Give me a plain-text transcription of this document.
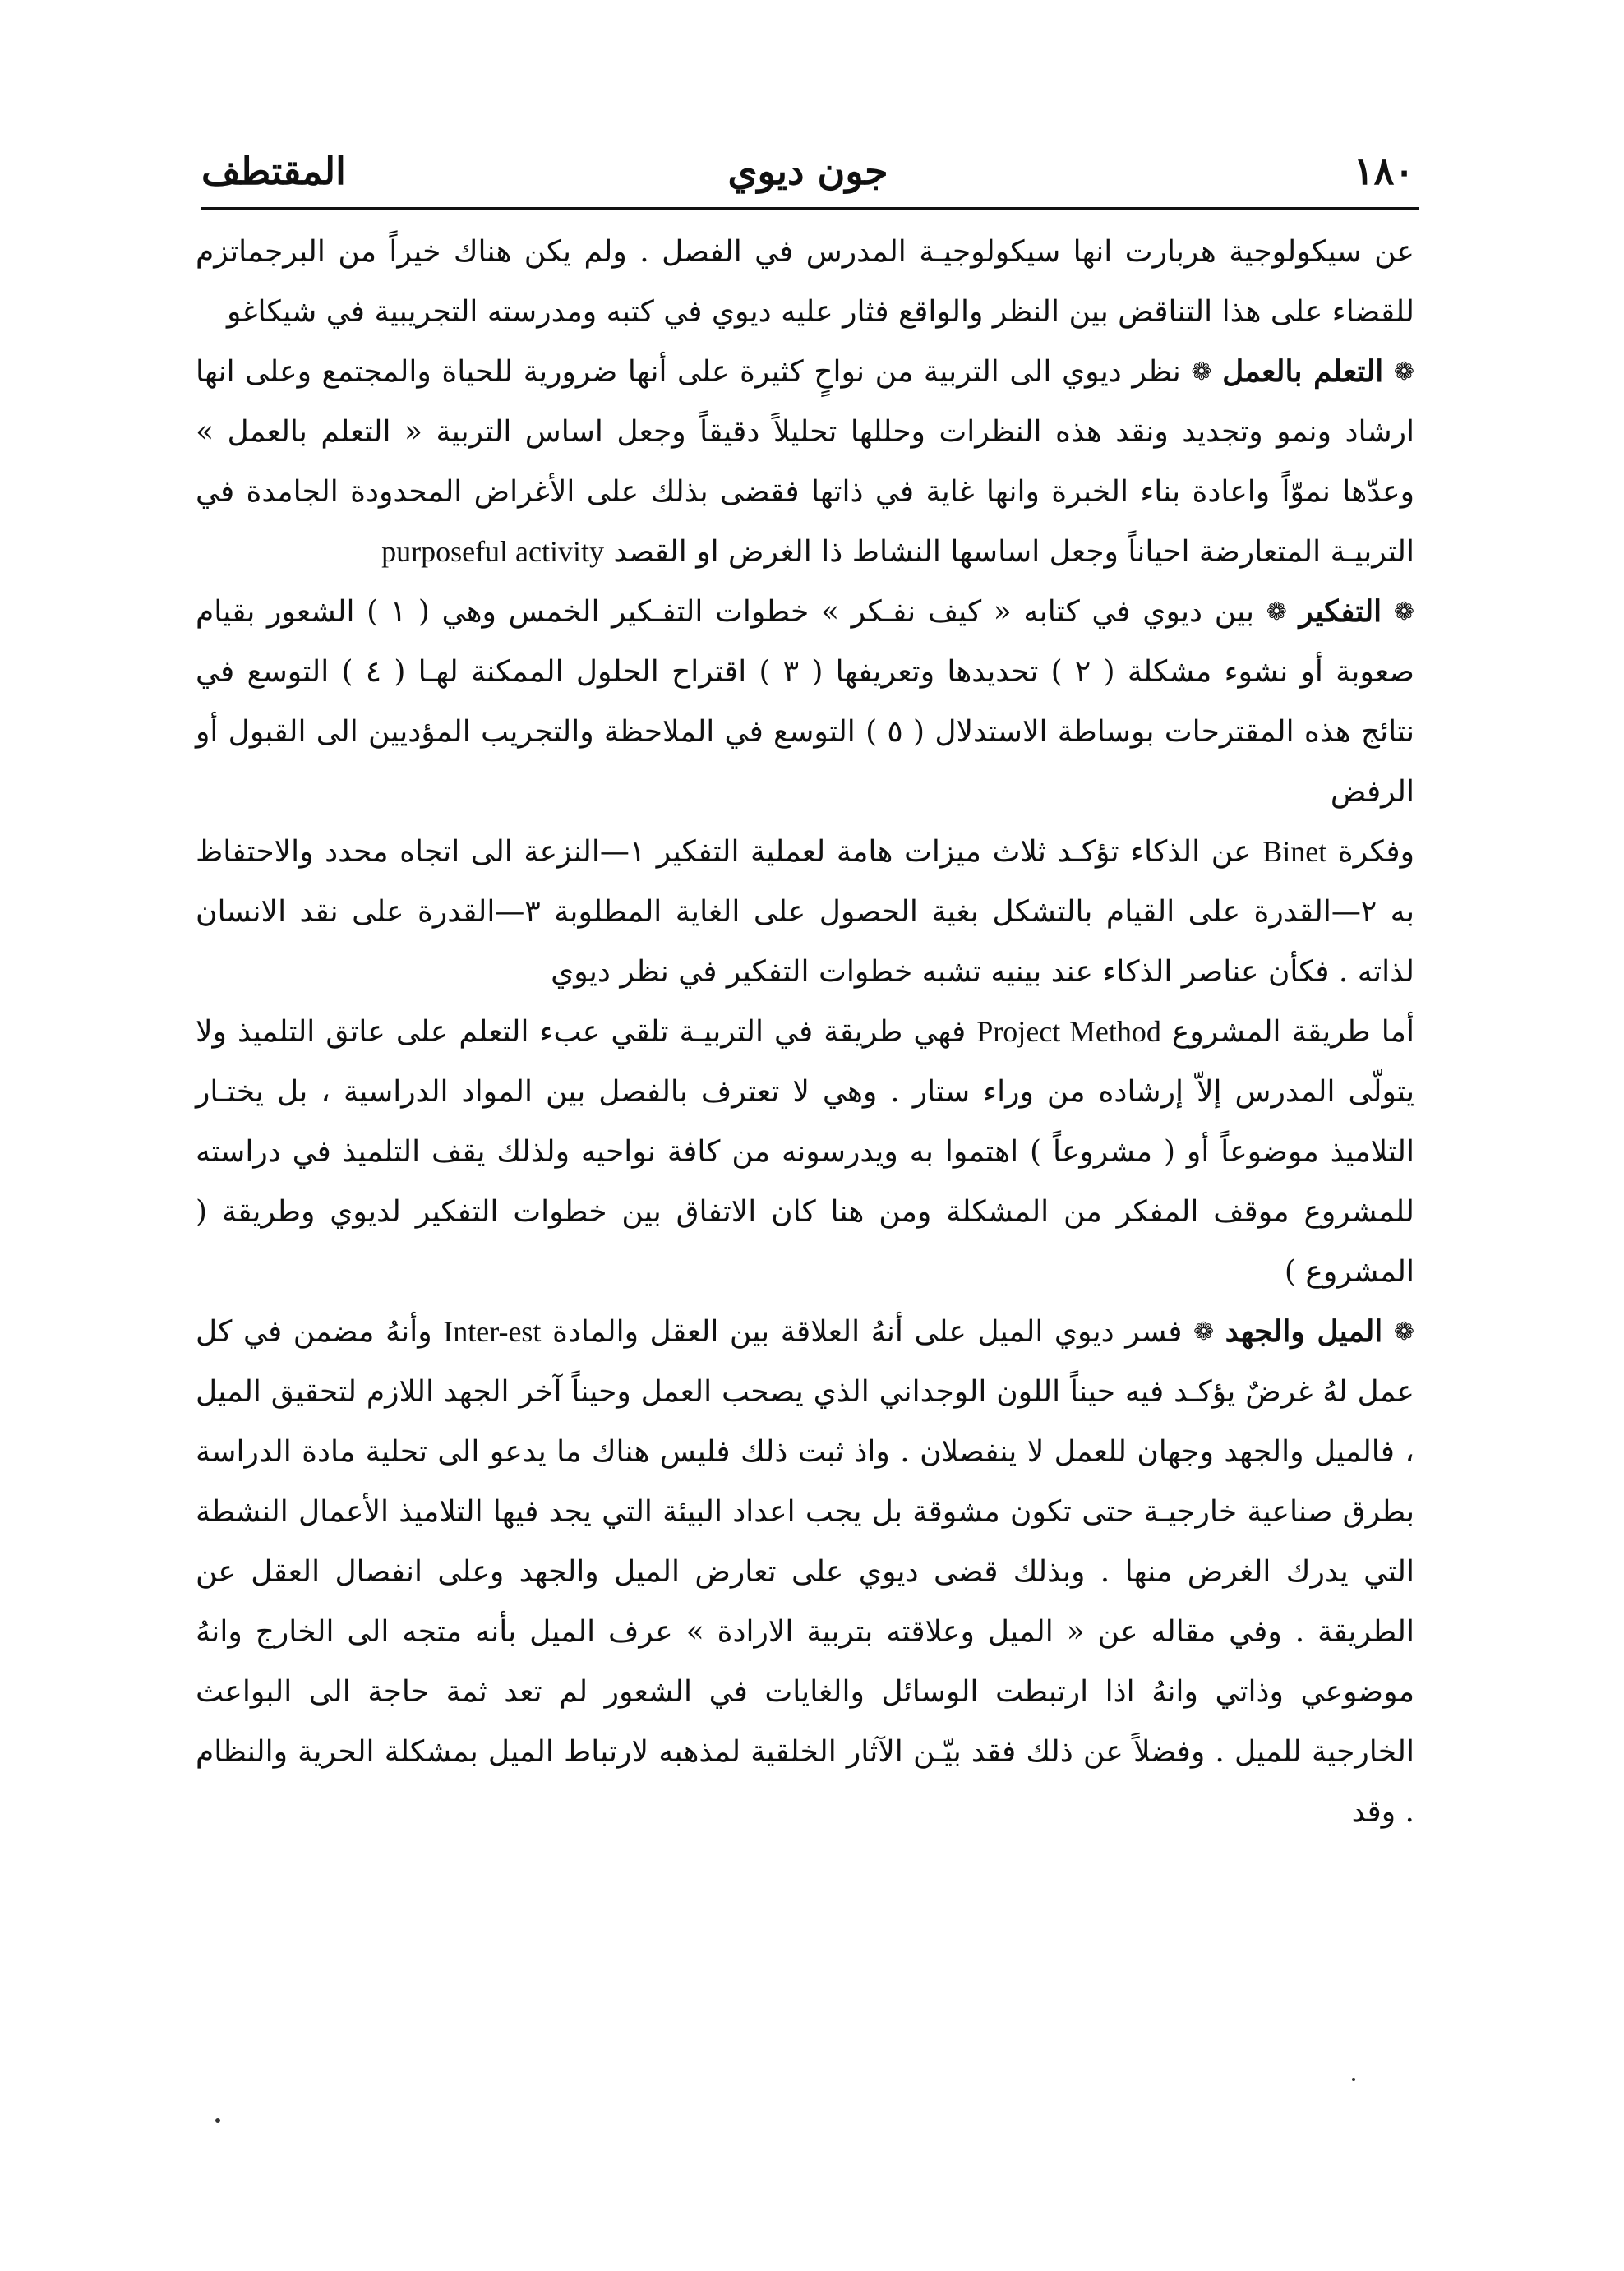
١٨٠
جون ديوي
المقتطف

عن سيكولوجية هربارت انها سيكولوجيـة المدرس في الفصل . ولم يكن هناك خيراً من البرجماتزم للقضاء على هذا التناقض بين النظر والواقع فثار عليه ديوي في كتبه ومدرسته التجريبية في شيكاغو

❁ التعلم بالعمل ❁ نظر ديوي الى التربية من نواحٍ كثيرة على أنها ضرورية للحياة والمجتمع وعلى انها ارشاد ونمو وتجديد ونقد هذه النظرات وحللها تحليلاً دقيقاً وجعل اساس التربية « التعلم بالعمل » وعدّها نموّاً واعادة بناء الخبرة وانها غاية في ذاتها فقضى بذلك على الأغراض المحدودة الجامدة في التربيـة المتعارضة احياناً وجعل اساسها النشاط ذا الغرض او القصد purposeful activity

❁ التفكير ❁ بين ديوي في كتابه « كيف نفـكر » خطوات التفـكير الخمس وهي ( ١ ) الشعور بقيام صعوبة أو نشوء مشكلة ( ٢ ) تحديدها وتعريفها ( ٣ ) اقتراح الحلول الممكنة لهـا ( ٤ ) التوسع في نتائج هذه المقترحات بوساطة الاستدلال ( ٥ ) التوسع في الملاحظة والتجريب المؤديين الى القبول أو الرفض

وفكرة Binet عن الذكاء تؤكـد ثلاث ميزات هامة لعملية التفكير ١—النزعة الى اتجاه محدد والاحتفاظ به ٢—القدرة على القيام بالتشكل بغية الحصول على الغاية المطلوبة ٣—القدرة على نقد الانسان لذاته . فكأن عناصر الذكاء عند بينيه تشبه خطوات التفكير في نظر ديوي

أما طريقة المشروع Project Method فهي طريقة في التربيـة تلقي عبء التعلم على عاتق التلميذ ولا يتولّى المدرس إلاّ إرشاده من وراء ستار . وهي لا تعترف بالفصل بين المواد الدراسية ، بل يختـار التلاميذ موضوعاً أو ( مشروعاً ) اهتموا به ويدرسونه من كافة نواحيه ولذلك يقف التلميذ في دراسته للمشروع موقف المفكر من المشكلة ومن هنا كان الاتفاق بين خطوات التفكير لديوي وطريقة ( المشروع )

❁ الميل والجهد ❁ فسر ديوي الميل على أنهُ العلاقة بين العقل والمادة Inter-est وأنهُ مضمن في كل عمل لهُ غرضٌ يؤكـد فيه حيناً اللون الوجداني الذي يصحب العمل وحيناً آخر الجهد اللازم لتحقيق الميل ، فالميل والجهد وجهان للعمل لا ينفصلان . واذ ثبت ذلك فليس هناك ما يدعو الى تحلية مادة الدراسة بطرق صناعية خارجيـة حتى تكون مشوقة بل يجب اعداد البيئة التي يجد فيها التلاميذ الأعمال النشطة التي يدرك الغرض منها . وبذلك قضى ديوي على تعارض الميل والجهد وعلى انفصال العقل عن الطريقة . وفي مقاله عن « الميل وعلاقته بتربية الارادة » عرف الميل بأنه متجه الى الخارج وانهُ موضوعي وذاتي وانهُ اذا ارتبطت الوسائل والغايات في الشعور لم تعد ثمة حاجة الى البواعث الخارجية للميل . وفضلاً عن ذلك فقد بيّـن الآثار الخلقية لمذهبه لارتباط الميل بمشكلة الحرية والنظام . وقد
